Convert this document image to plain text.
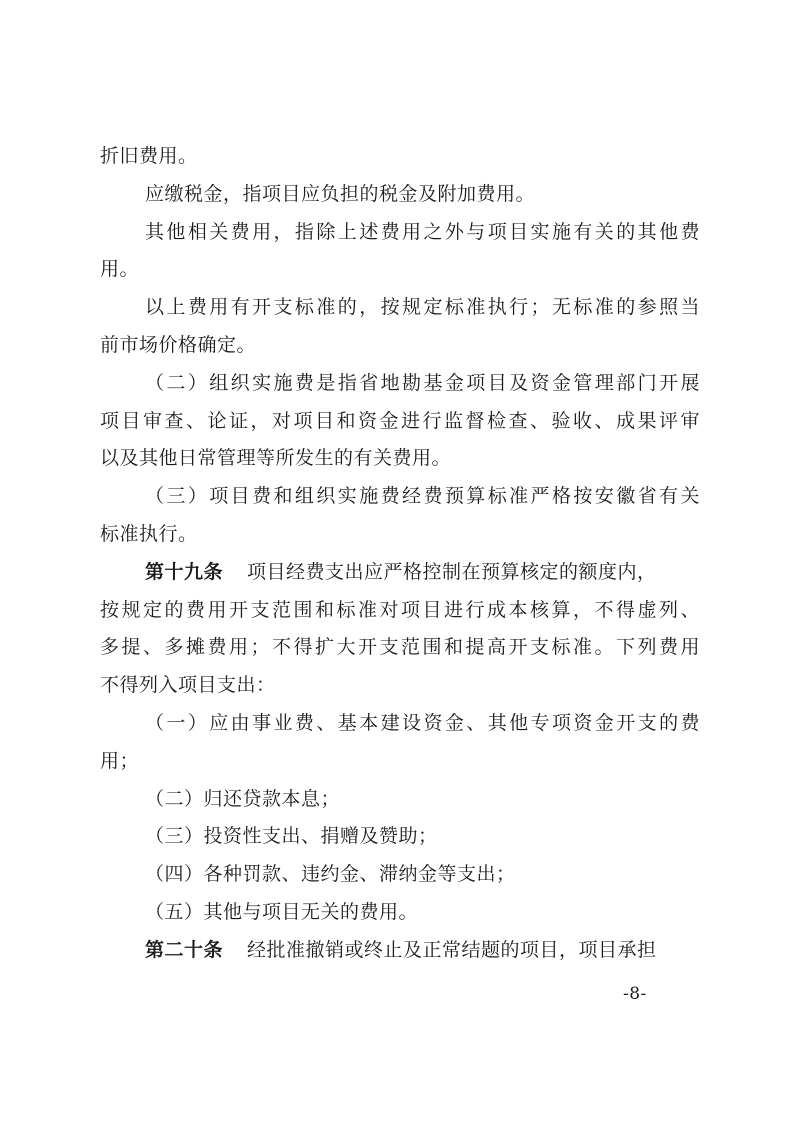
折旧费用。
应缴税金，指项目应负担的税金及附加费用。
其他相关费用，指除上述费用之外与项目实施有关的其他费
用。
以上费用有开支标准的，按规定标准执行；无标准的参照当
前市场价格确定。
（二）组织实施费是指省地勘基金项目及资金管理部门开展
项目审查、论证，对项目和资金进行监督检查、验收、成果评审
以及其他日常管理等所发生的有关费用。
（三）项目费和组织实施费经费预算标准严格按安徽省有关
标准执行。
第十九条 项目经费支出应严格控制在预算核定的额度内，
按规定的费用开支范围和标准对项目进行成本核算，不得虚列、
多提、多摊费用；不得扩大开支范围和提高开支标准。下列费用
不得列入项目支出：
（一）应由事业费、基本建设资金、其他专项资金开支的费
用；
（二）归还贷款本息；
（三）投资性支出、捐赠及赞助；
（四）各种罚款、违约金、滞纳金等支出；
（五）其他与项目无关的费用。
第二十条 经批准撤销或终止及正常结题的项目，项目承担
-8-
